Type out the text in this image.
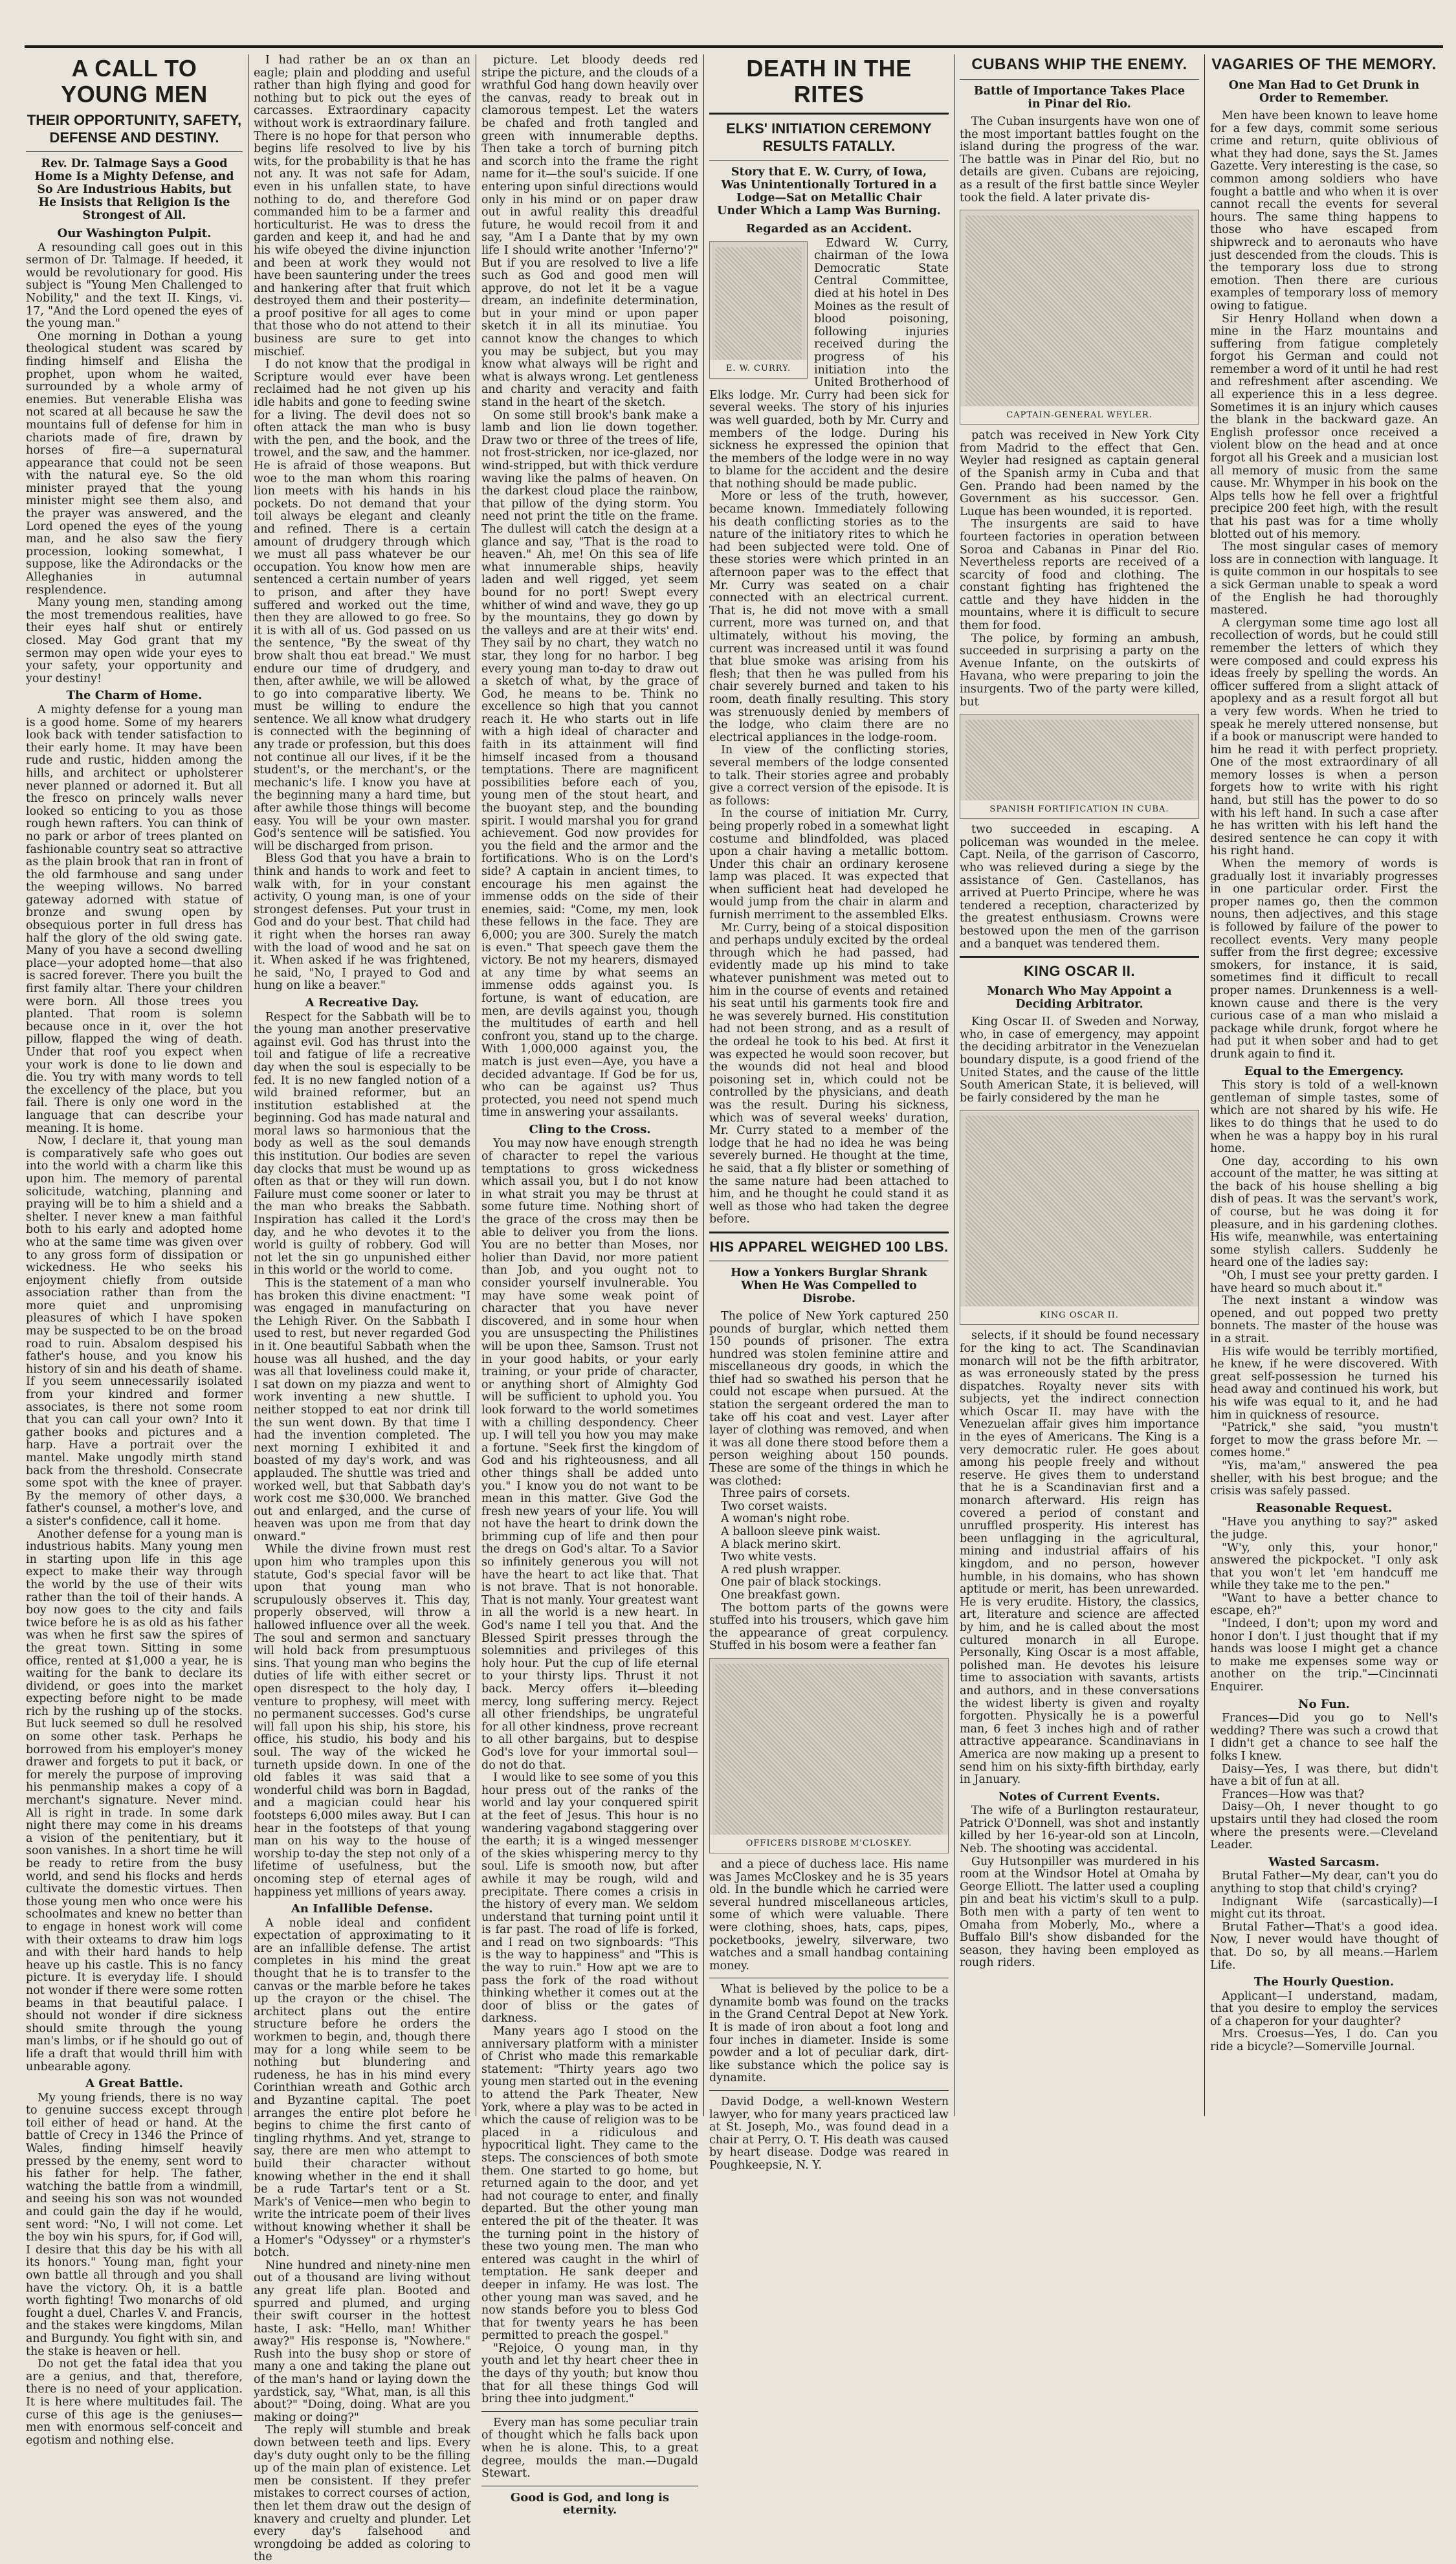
A CALL TO YOUNG MEN
THEIR OPPORTUNITY, SAFETY, DEFENSE AND DESTINY.
Rev. Dr. Talmage Says a Good Home Is a Mighty Defense, and So Are Industrious Habits, but He Insists that Religion Is the Strongest of All.
Our Washington Pulpit.

A resounding call goes out in this sermon of Dr. Talmage. If heeded, it would be revolutionary for good. His subject is "Young Men Challenged to Nobility," and the text II. Kings, vi. 17, "And the Lord opened the eyes of the young man."

One morning in Dothan a young theological student was scared by finding himself and Elisha the prophet, upon whom he waited, surrounded by a whole army of enemies. But venerable Elisha was not scared at all because he saw the mountains full of defense for him in chariots made of fire, drawn by horses of fire—a supernatural appearance that could not be seen with the natural eye. So the old minister prayed that the young minister might see them also, and the prayer was answered, and the Lord opened the eyes of the young man, and he also saw the fiery procession, looking somewhat, I suppose, like the Adirondacks or the Alleghanies in autumnal resplendence.

Many young men, standing among the most tremendous realities, have their eyes half shut or entirely closed. May God grant that my sermon may open wide your eyes to your safety, your opportunity and your destiny!

The Charm of Home.

A mighty defense for a young man is a good home. Some of my hearers look back with tender satisfaction to their early home. It may have been rude and rustic, hidden among the hills, and architect or upholsterer never planned or adorned it. But all the fresco on princely walls never looked so enticing to you as those rough hewn rafters. You can think of no park or arbor of trees planted on fashionable country seat so attractive as the plain brook that ran in front of the old farmhouse and sang under the weeping willows. No barred gateway adorned with statue of bronze and swung open by obsequious porter in full dress has half the glory of the old swing gate. Many of you have a second dwelling place—your adopted home—that also is sacred forever. There you built the first family altar. There your children were born. All those trees you planted. That room is solemn because once in it, over the hot pillow, flapped the wing of death. Under that roof you expect when your work is done to lie down and die. You try with many words to tell the excellency of the place, but you fail. There is only one word in the language that can describe your meaning. It is home.

Now, I declare it, that young man is comparatively safe who goes out into the world with a charm like this upon him. The memory of parental solicitude, watching, planning and praying will be to him a shield and a shelter. I never knew a man faithful both to his early and adopted home who at the same time was given over to any gross form of dissipation or wickedness. He who seeks his enjoyment chiefly from outside association rather than from the more quiet and unpromising pleasures of which I have spoken may be suspected to be on the broad road to ruin. Absalom despised his father's house, and you know his history of sin and his death of shame. If you seem unnecessarily isolated from your kindred and former associates, is there not some room that you can call your own? Into it gather books and pictures and a harp. Have a portrait over the mantel. Make ungodly mirth stand back from the threshold. Consecrate some spot with the knee of prayer. By the memory of other days, a father's counsel, a mother's love, and a sister's confidence, call it home.

Another defense for a young man is industrious habits. Many young men in starting upon life in this age expect to make their way through the world by the use of their wits rather than the toil of their hands. A boy now goes to the city and fails twice before he is as old as his father was when he first saw the spires of the great town. Sitting in some office, rented at $1,000 a year, he is waiting for the bank to declare its dividend, or goes into the market expecting before night to be made rich by the rushing up of the stocks. But luck seemed so dull he resolved on some other task. Perhaps he borrowed from his employer's money drawer and forgets to put it back, or for merely the purpose of improving his penmanship makes a copy of a merchant's signature. Never mind. All is right in trade. In some dark night there may come in his dreams a vision of the penitentiary, but it soon vanishes. In a short time he will be ready to retire from the busy world, and send his flocks and herds cultivate the domestic virtues. Then those young men who once were his schoolmates and knew no better than to engage in honest work will come with their oxteams to draw him logs and with their hard hands to help heave up his castle. This is no fancy picture. It is everyday life. I should not wonder if there were some rotten beams in that beautiful palace. I should not wonder if dire sickness should smite through the young man's limbs, or if he should go out of life a draft that would thrill him with unbearable agony.

A Great Battle.

My young friends, there is no way to genuine success except through toil either of head or hand. At the battle of Crecy in 1346 the Prince of Wales, finding himself heavily pressed by the enemy, sent word to his father for help. The father, watching the battle from a windmill, and seeing his son was not wounded and could gain the day if he would, sent word: "No, I will not come. Let the boy win his spurs, for, if God will, I desire that this day be his with all its honors." Young man, fight your own battle all through and you shall have the victory. Oh, it is a battle worth fighting! Two monarchs of old fought a duel, Charles V. and Francis, and the stakes were kingdoms, Milan and Burgundy. You fight with sin, and the stake is heaven or hell.

Do not get the fatal idea that you are a genius, and that, therefore, there is no need of your application. It is here where multitudes fail. The curse of this age is the geniuses—men with enormous self-conceit and egotism and nothing else.

I had rather be an ox than an eagle; plain and plodding and useful rather than high flying and good for nothing but to pick out the eyes of carcasses. Extraordinary capacity without work is extraordinary failure. There is no hope for that person who begins life resolved to live by his wits, for the probability is that he has not any. It was not safe for Adam, even in his unfallen state, to have nothing to do, and therefore God commanded him to be a farmer and horticulturist. He was to dress the garden and keep it, and had he and his wife obeyed the divine injunction and been at work they would not have been sauntering under the trees and hankering after that fruit which destroyed them and their posterity—a proof positive for all ages to come that those who do not attend to their business are sure to get into mischief.

I do not know that the prodigal in Scripture would ever have been reclaimed had he not given up his idle habits and gone to feeding swine for a living. The devil does not so often attack the man who is busy with the pen, and the book, and the trowel, and the saw, and the hammer. He is afraid of those weapons. But woe to the man whom this roaring lion meets with his hands in his pockets. Do not demand that your toil always be elegant and cleanly and refined. There is a certain amount of drudgery through which we must all pass whatever be our occupation. You know how men are sentenced a certain number of years to prison, and after they have suffered and worked out the time, then they are allowed to go free. So it is with all of us. God passed on us the sentence, "By the sweat of thy brow shalt thou eat bread." We must endure our time of drudgery, and then, after awhile, we will be allowed to go into comparative liberty. We must be willing to endure the sentence. We all know what drudgery is connected with the beginning of any trade or profession, but this does not continue all our lives, if it be the student's, or the merchant's, or the mechanic's life. I know you have at the beginning many a hard time, but after awhile those things will become easy. You will be your own master. God's sentence will be satisfied. You will be discharged from prison.

Bless God that you have a brain to think and hands to work and feet to walk with, for in your constant activity, O young man, is one of your strongest defenses. Put your trust in God and do your best. That child had it right when the horses ran away with the load of wood and he sat on it. When asked if he was frightened, he said, "No, I prayed to God and hung on like a beaver."

A Recreative Day.

Respect for the Sabbath will be to the young man another preservative against evil. God has thrust into the toil and fatigue of life a recreative day when the soul is especially to be fed. It is no new fangled notion of a wild brained reformer, but an institution established at the beginning. God has made natural and moral laws so harmonious that the body as well as the soul demands this institution. Our bodies are seven day clocks that must be wound up as often as that or they will run down. Failure must come sooner or later to the man who breaks the Sabbath. Inspiration has called it the Lord's day, and he who devotes it to the world is guilty of robbery. God will not let the sin go unpunished either in this world or the world to come.

This is the statement of a man who has broken this divine enactment: "I was engaged in manufacturing on the Lehigh River. On the Sabbath I used to rest, but never regarded God in it. One beautiful Sabbath when the house was all hushed, and the day was all that loveliness could make it, I sat down on my piazza and went to work inventing a new shuttle. I neither stopped to eat nor drink till the sun went down. By that time I had the invention completed. The next morning I exhibited it and boasted of my day's work, and was applauded. The shuttle was tried and worked well, but that Sabbath day's work cost me $30,000. We branched out and enlarged, and the curse of heaven was upon me from that day onward."

While the divine frown must rest upon him who tramples upon this statute, God's special favor will be upon that young man who scrupulously observes it. This day, properly observed, will throw a hallowed influence over all the week. The soul and sermon and sanctuary will hold back from presumptuous sins. That young man who begins the duties of life with either secret or open disrespect to the holy day, I venture to prophesy, will meet with no permanent successes. God's curse will fall upon his ship, his store, his office, his studio, his body and his soul. The way of the wicked he turneth upside down. In one of the old fables it was said that a wonderful child was born in Bagdad, and a magician could hear his footsteps 6,000 miles away. But I can hear in the footsteps of that young man on his way to the house of worship to-day the step not only of a lifetime of usefulness, but the oncoming step of eternal ages of happiness yet millions of years away.

An Infallible Defense.

A noble ideal and confident expectation of approximating to it are an infallible defense. The artist completes in his mind the great thought that he is to transfer to the canvas or the marble before he takes up the crayon or the chisel. The architect plans out the entire structure before he orders the workmen to begin, and, though there may for a long while seem to be nothing but blundering and rudeness, he has in his mind every Corinthian wreath and Gothic arch and Byzantine capital. The poet arranges the entire plot before he begins to chime the first canto of tingling rhythms. And yet, strange to say, there are men who attempt to build their character without knowing whether in the end it shall be a rude Tartar's tent or a St. Mark's of Venice—men who begin to write the intricate poem of their lives without knowing whether it shall be a Homer's "Odyssey" or a rhymster's botch.

Nine hundred and ninety-nine men out of a thousand are living without any great life plan. Booted and spurred and plumed, and urging their swift courser in the hottest haste, I ask: "Hello, man! Whither away?" His response is, "Nowhere." Rush into the busy shop or store of many a one and taking the plane out of the man's hand or laying down the yardstick, say, "What, man, is all this about?" "Doing, doing. What are you making or doing?"

The reply will stumble and break down between teeth and lips. Every day's duty ought only to be the filling up of the main plan of existence. Let men be consistent. If they prefer mistakes to correct courses of action, then let them draw out the design of knavery and cruelty and plunder. Let every day's falsehood and wrongdoing be added as coloring to the

picture. Let bloody deeds red stripe the picture, and the clouds of a wrathful God hang down heavily over the canvas, ready to break out in clamorous tempest. Let the waters be chafed and froth tangled and green with innumerable depths. Then take a torch of burning pitch and scorch into the frame the right name for it—the soul's suicide. If one entering upon sinful directions would only in his mind or on paper draw out in awful reality this dreadful future, he would recoil from it and say, "Am I a Dante that by my own life I should write another 'Inferno'?" But if you are resolved to live a life such as God and good men will approve, do not let it be a vague dream, an indefinite determination, but in your mind or upon paper sketch it in all its minutiae. You cannot know the changes to which you may be subject, but you may know what always will be right and what is always wrong. Let gentleness and charity and veracity and faith stand in the heart of the sketch.

On some still brook's bank make a lamb and lion lie down together. Draw two or three of the trees of life, not frost-stricken, nor ice-glazed, nor wind-stripped, but with thick verdure waving like the palms of heaven. On the darkest cloud place the rainbow, that pillow of the dying storm. You need not print the title on the frame. The dullest will catch the design at a glance and say, "That is the road to heaven." Ah, me! On this sea of life what innumerable ships, heavily laden and well rigged, yet seem bound for no port! Swept every whither of wind and wave, they go up by the mountains, they go down by the valleys and are at their wits' end. They sail by no chart, they watch no star, they long for no harbor. I beg every young man to-day to draw out a sketch of what, by the grace of God, he means to be. Think no excellence so high that you cannot reach it. He who starts out in life with a high ideal of character and faith in its attainment will find himself incased from a thousand temptations. There are magnificent possibilities before each of you, young men of the stout heart, and the buoyant step, and the bounding spirit. I would marshal you for grand achievement. God now provides for you the field and the armor and the fortifications. Who is on the Lord's side? A captain in ancient times, to encourage his men against the immense odds on the side of their enemies, said: "Come, my men, look these fellows in the face. They are 6,000; you are 300. Surely the match is even." That speech gave them the victory. Be not my hearers, dismayed at any time by what seems an immense odds against you. Is fortune, is want of education, are men, are devils against you, though the multitudes of earth and hell confront you, stand up to the charge. With 1,000,000 against you, the match is just even—Aye, you have a decided advantage. If God be for us, who can be against us? Thus protected, you need not spend much time in answering your assailants.

Cling to the Cross.

You may now have enough strength of character to repel the various temptations to gross wickedness which assail you, but I do not know in what strait you may be thrust at some future time. Nothing short of the grace of the cross may then be able to deliver you from the lions. You are no better than Moses, nor holier than David, nor more patient than Job, and you ought not to consider yourself invulnerable. You may have some weak point of character that you have never discovered, and in some hour when you are unsuspecting the Philistines will be upon thee, Samson. Trust not in your good habits, or your early training, or your pride of character, or anything short of Almighty God will be sufficient to uphold you. You look forward to the world sometimes with a chilling despondency. Cheer up. I will tell you how you may make a fortune. "Seek first the kingdom of God and his righteousness, and all other things shall be added unto you." I know you do not want to be mean in this matter. Give God the fresh new years of your life. You will not have the heart to drink down the brimming cup of life and then pour the dregs on God's altar. To a Savior so infinitely generous you will not have the heart to act like that. That is not brave. That is not honorable. That is not manly. Your greatest want in all the world is a new heart. In God's name I tell you that. And the Blessed Spirit presses through the solemnities and privileges of this holy hour. Put the cup of life eternal to your thirsty lips. Thrust it not back. Mercy offers it—bleeding mercy, long suffering mercy. Reject all other friendships, be ungrateful for all other kindness, prove recreant to all other bargains, but to despise God's love for your immortal soul—do not do that.

I would like to see some of you this hour press out of the ranks of the world and lay your conquered spirit at the feet of Jesus. This hour is no wandering vagabond staggering over the earth; it is a winged messenger of the skies whispering mercy to thy soul. Life is smooth now, but after awhile it may be rough, wild and precipitate. There comes a crisis in the history of every man. We seldom understand that turning point until it is far past. The road of life is forked, and I read on two signboards: "This is the way to happiness" and "This is the way to ruin." How apt we are to pass the fork of the road without thinking whether it comes out at the door of bliss or the gates of darkness.

Many years ago I stood on the anniversary platform with a minister of Christ who made this remarkable statement: "Thirty years ago two young men started out in the evening to attend the Park Theater, New York, where a play was to be acted in which the cause of religion was to be placed in a ridiculous and hypocritical light. They came to the steps. The consciences of both smote them. One started to go home, but returned again to the door, and yet had not courage to enter, and finally departed. But the other young man entered the pit of the theater. It was the turning point in the history of these two young men. The man who entered was caught in the whirl of temptation. He sank deeper and deeper in infamy. He was lost. The other young man was saved, and he now stands before you to bless God that for twenty years he has been permitted to preach the gospel."

"Rejoice, O young man, in thy youth and let thy heart cheer thee in the days of thy youth; but know thou that for all these things God will bring thee into judgment."

Every man has some peculiar train of thought which he falls back upon when he is alone. This, to a great degree, moulds the man.—Dugald Stewart.

Good is God, and long is eternity.
DEATH IN THE RITES
ELKS' INITIATION CEREMONY RESULTS FATALLY.
Story that E. W. Curry, of Iowa, Was Unintentionally Tortured in a Lodge—Sat on Metallic Chair Under Which a Lamp Was Burning.
Regarded as an Accident.
E. W. CURRY.

Edward W. Curry, chairman of the Iowa Democratic State Central Committee, died at his hotel in Des Moines as the result of blood poisoning, following injuries received during the progress of his initiation into the United Brotherhood of Elks lodge. Mr. Curry had been sick for several weeks. The story of his injuries was well guarded, both by Mr. Curry and members of the lodge. During his sickness he expressed the opinion that the members of the lodge were in no way to blame for the accident and the desire that nothing should be made public.

More or less of the truth, however, became known. Immediately following his death conflicting stories as to the nature of the initiatory rites to which he had been subjected were told. One of these stories were which printed in an afternoon paper was to the effect that Mr. Curry was seated on a chair connected with an electrical current. That is, he did not move with a small current, more was turned on, and that ultimately, without his moving, the current was increased until it was found that blue smoke was arising from his flesh; that then he was pulled from his chair severely burned and taken to his room, death finally resulting. This story was strenuously denied by members of the lodge, who claim there are no electrical appliances in the lodge-room.

In view of the conflicting stories, several members of the lodge consented to talk. Their stories agree and probably give a correct version of the episode. It is as follows:

In the course of initiation Mr. Curry, being properly robed in a somewhat light costume and blindfolded, was placed upon a chair having a metallic bottom. Under this chair an ordinary kerosene lamp was placed. It was expected that when sufficient heat had developed he would jump from the chair in alarm and furnish merriment to the assembled Elks.

Mr. Curry, being of a stoical disposition and perhaps unduly excited by the ordeal through which he had passed, had evidently made up his mind to take whatever punishment was meted out to him in the course of events and retained his seat until his garments took fire and he was severely burned. His constitution had not been strong, and as a result of the ordeal he took to his bed. At first it was expected he would soon recover, but the wounds did not heal and blood poisoning set in, which could not be controlled by the physicians, and death was the result. During his sickness, which was of several weeks' duration, Mr. Curry stated to a member of the lodge that he had no idea he was being severely burned. He thought at the time, he said, that a fly blister or something of the same nature had been attached to him, and he thought he could stand it as well as those who had taken the degree before.

HIS APPAREL WEIGHED 100 LBS.
How a Yonkers Burglar Shrank When He Was Compelled to Disrobe.

The police of New York captured 250 pounds of burglar, which netted them 150 pounds of prisoner. The extra hundred was stolen feminine attire and miscellaneous dry goods, in which the thief had so swathed his person that he could not escape when pursued. At the station the sergeant ordered the man to take off his coat and vest. Layer after layer of clothing was removed, and when it was all done there stood before them a person weighing about 150 pounds. These are some of the things in which he was clothed:

Three pairs of corsets.
Two corset waists.
A woman's night robe.
A balloon sleeve pink waist.
A black merino skirt.
Two white vests.
A red plush wrapper.
One pair of black stockings.
One breakfast gown.

The bottom parts of the gowns were stuffed into his trousers, which gave him the appearance of great corpulency. Stuffed in his bosom were a feather fan

OFFICERS DISROBE M'CLOSKEY.

and a piece of duchess lace. His name was James McCloskey and he is 35 years old. In the bundle which he carried were several hundred miscellaneous articles, some of which were valuable. There were clothing, shoes, hats, caps, pipes, pocketbooks, jewelry, silverware, two watches and a small handbag containing money.

What is believed by the police to be a dynamite bomb was found on the tracks in the Grand Central Depot at New York. It is made of iron about a foot long and four inches in diameter. Inside is some powder and a lot of peculiar dark, dirt-like substance which the police say is dynamite.

David Dodge, a well-known Western lawyer, who for many years practiced law at St. Joseph, Mo., was found dead in a chair at Perry, O. T. His death was caused by heart disease. Dodge was reared in Poughkeepsie, N. Y.

CUBANS WHIP THE ENEMY.
Battle of Importance Takes Place in Pinar del Rio.

The Cuban insurgents have won one of the most important battles fought on the island during the progress of the war. The battle was in Pinar del Rio, but no details are given. Cubans are rejoicing, as a result of the first battle since Weyler took the field. A later private dis-

CAPTAIN-GENERAL WEYLER.

patch was received in New York City from Madrid to the effect that Gen. Weyler had resigned as captain general of the Spanish army in Cuba and that Gen. Prando had been named by the Government as his successor. Gen. Luque has been wounded, it is reported.

The insurgents are said to have fourteen factories in operation between Soroa and Cabanas in Pinar del Rio. Nevertheless reports are received of a scarcity of food and clothing. The constant fighting has frightened the cattle and they have hidden in the mountains, where it is difficult to secure them for food.

The police, by forming an ambush, succeeded in surprising a party on the Avenue Infante, on the outskirts of Havana, who were preparing to join the insurgents. Two of the party were killed, but

SPANISH FORTIFICATION IN CUBA.

two succeeded in escaping. A policeman was wounded in the melee. Capt. Neila, of the garrison of Cascorro, who was relieved during a siege by the assistance of Gen. Castellanos, has arrived at Puerto Principe, where he was tendered a reception, characterized by the greatest enthusiasm. Crowns were bestowed upon the men of the garrison and a banquet was tendered them.

KING OSCAR II.
Monarch Who May Appoint a Deciding Arbitrator.

King Oscar II. of Sweden and Norway, who, in case of emergency, may appoint the deciding arbitrator in the Venezuelan boundary dispute, is a good friend of the United States, and the cause of the little South American State, it is believed, will be fairly considered by the man he

KING OSCAR II.

selects, if it should be found necessary for the king to act. The Scandinavian monarch will not be the fifth arbitrator, as was erroneously stated by the press dispatches. Royalty never sits with subjects, yet the indirect connection which Oscar II. may have with the Venezuelan affair gives him importance in the eyes of Americans. The King is a very democratic ruler. He goes about among his people freely and without reserve. He gives them to understand that he is a Scandinavian first and a monarch afterward. His reign has covered a period of constant and unruffled prosperity. His interest has been unflagging in the agricultural, mining and industrial affairs of his kingdom, and no person, however humble, in his domains, who has shown aptitude or merit, has been unrewarded. He is very erudite. History, the classics, art, literature and science are affected by him, and he is called about the most cultured monarch in all Europe. Personally, King Oscar is a most affable, polished man. He devotes his leisure time to association with savants, artists and authors, and in these conversations the widest liberty is given and royalty forgotten. Physically he is a powerful man, 6 feet 3 inches high and of rather attractive appearance. Scandinavians in America are now making up a present to send him on his sixty-fifth birthday, early in January.

Notes of Current Events.

The wife of a Burlington restaurateur, Patrick O'Donnell, was shot and instantly killed by her 16-year-old son at Lincoln, Neb. The shooting was accidental.

Guy Hutsonpiller was murdered in his room at the Windsor Hotel at Omaha by George Elliott. The latter used a coupling pin and beat his victim's skull to a pulp. Both men with a party of ten went to Omaha from Moberly, Mo., where a Buffalo Bill's show disbanded for the season, they having been employed as rough riders.

VAGARIES OF THE MEMORY.
One Man Had to Get Drunk in Order to Remember.

Men have been known to leave home for a few days, commit some serious crime and return, quite oblivious of what they had done, says the St. James Gazette. Very interesting is the case, so common among soldiers who have fought a battle and who when it is over cannot recall the events for several hours. The same thing happens to those who have escaped from shipwreck and to aeronauts who have just descended from the clouds. This is the temporary loss due to strong emotion. Then there are curious examples of temporary loss of memory owing to fatigue.

Sir Henry Holland when down a mine in the Harz mountains and suffering from fatigue completely forgot his German and could not remember a word of it until he had rest and refreshment after ascending. We all experience this in a less degree. Sometimes it is an injury which causes the blank in the backward gaze. An English professor once received a violent blow on the head and at once forgot all his Greek and a musician lost all memory of music from the same cause. Mr. Whymper in his book on the Alps tells how he fell over a frightful precipice 200 feet high, with the result that his past was for a time wholly blotted out of his memory.

The most singular cases of memory loss are in connection with language. It is quite common in our hospitals to see a sick German unable to speak a word of the English he had thoroughly mastered.

A clergyman some time ago lost all recollection of words, but he could still remember the letters of which they were composed and could express his ideas freely by spelling the words. An officer suffered from a slight attack of apoplexy and as a result forgot all but a very few words. When he tried to speak he merely uttered nonsense, but if a book or manuscript were handed to him he read it with perfect propriety. One of the most extraordinary of all memory losses is when a person forgets how to write with his right hand, but still has the power to do so with his left hand. In such a case after he has written with his left hand the desired sentence he can copy it with his right hand.

When the memory of words is gradually lost it invariably progresses in one particular order. First the proper names go, then the common nouns, then adjectives, and this stage is followed by failure of the power to recollect events. Very many people suffer from the first degree; excessive smokers, for instance, it is said, sometimes find it difficult to recall proper names. Drunkenness is a well-known cause and there is the very curious case of a man who mislaid a package while drunk, forgot where he had put it when sober and had to get drunk again to find it.

Equal to the Emergency.

This story is told of a well-known gentleman of simple tastes, some of which are not shared by his wife. He likes to do things that he used to do when he was a happy boy in his rural home.

One day, according to his own account of the matter, he was sitting at the back of his house shelling a big dish of peas. It was the servant's work, of course, but he was doing it for pleasure, and in his gardening clothes. His wife, meanwhile, was entertaining some stylish callers. Suddenly he heard one of the ladies say:

"Oh, I must see your pretty garden. I have heard so much about it."

The next instant a window was opened, and out popped two pretty bonnets. The master of the house was in a strait.

His wife would be terribly mortified, he knew, if he were discovered. With great self-possession he turned his head away and continued his work, but his wife was equal to it, and he had him in quickness of resource.

"Patrick," she said, "you mustn't forget to mow the grass before Mr. — comes home."

"Yis, ma'am," answered the pea sheller, with his best brogue; and the crisis was safely passed.

Reasonable Request.

"Have you anything to say?" asked the judge.

"W'y, only this, your honor," answered the pickpocket. "I only ask that you won't let 'em handcuff me while they take me to the pen."

"Want to have a better chance to escape, eh?"

"Indeed, I don't; upon my word and honor I don't. I just thought that if my hands was loose I might get a chance to make me expenses some way or another on the trip."—Cincinnati Enquirer.

No Fun.

Frances—Did you go to Nell's wedding? There was such a crowd that I didn't get a chance to see half the folks I knew.

Daisy—Yes, I was there, but didn't have a bit of fun at all.

Frances—How was that?

Daisy—Oh, I never thought to go upstairs until they had closed the room where the presents were.—Cleveland Leader.

Wasted Sarcasm.

Brutal Father—My dear, can't you do anything to stop that child's crying?

Indignant Wife (sarcastically)—I might cut its throat.

Brutal Father—That's a good idea. Now, I never would have thought of that. Do so, by all means.—Harlem Life.

The Hourly Question.

Applicant—I understand, madam, that you desire to employ the services of a chaperon for your daughter?

Mrs. Croesus—Yes, I do. Can you ride a bicycle?—Somerville Journal.
